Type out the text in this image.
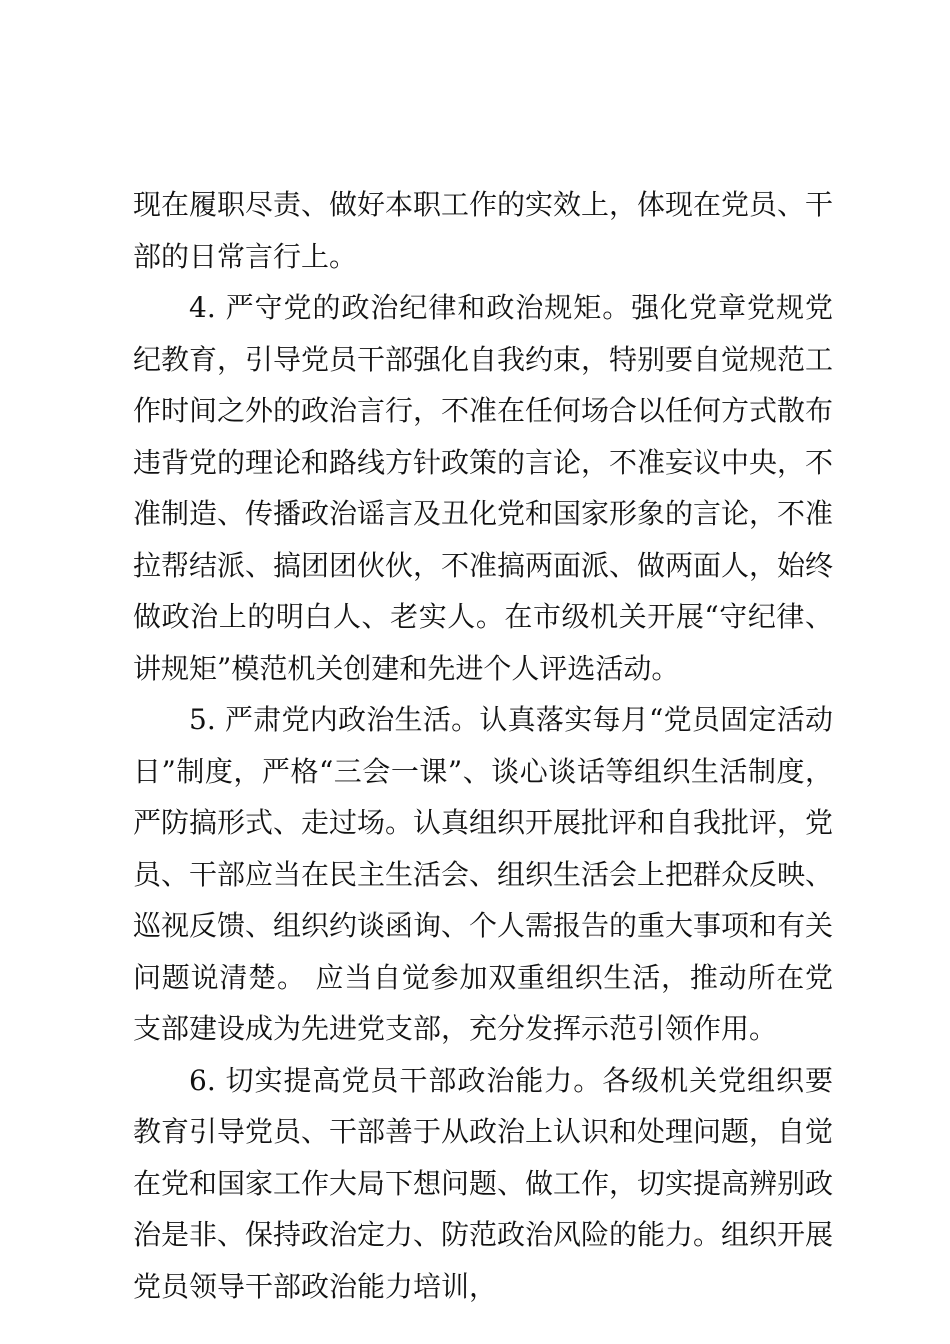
现在履职尽责、做好本职工作的实效上，体现在党员、干部的日常言行上。

4. 严守党的政治纪律和政治规矩。强化党章党规党纪教育，引导党员干部强化自我约束，特别要自觉规范工作时间之外的政治言行，不准在任何场合以任何方式散布违背党的理论和路线方针政策的言论，不准妄议中央，不准制造、传播政治谣言及丑化党和国家形象的言论，不准拉帮结派、搞团团伙伙，不准搞两面派、做两面人，始终做政治上的明白人、老实人。在市级机关开展“守纪律、讲规矩”模范机关创建和先进个人评选活动。

5. 严肃党内政治生活。认真落实每月“党员固定活动日”制度，严格“三会一课”、谈心谈话等组织生活制度，严防搞形式、走过场。认真组织开展批评和自我批评，党员、干部应当在民主生活会、组织生活会上把群众反映、巡视反馈、组织约谈函询、个人需报告的重大事项和有关问题说清楚。 应当自觉参加双重组织生活，推动所在党支部建设成为先进党支部，充分发挥示范引领作用。

6. 切实提高党员干部政治能力。各级机关党组织要教育引导党员、干部善于从政治上认识和处理问题，自觉在党和国家工作大局下想问题、做工作，切实提高辨别政治是非、保持政治定力、防范政治风险的能力。组织开展党员领导干部政治能力培训，
